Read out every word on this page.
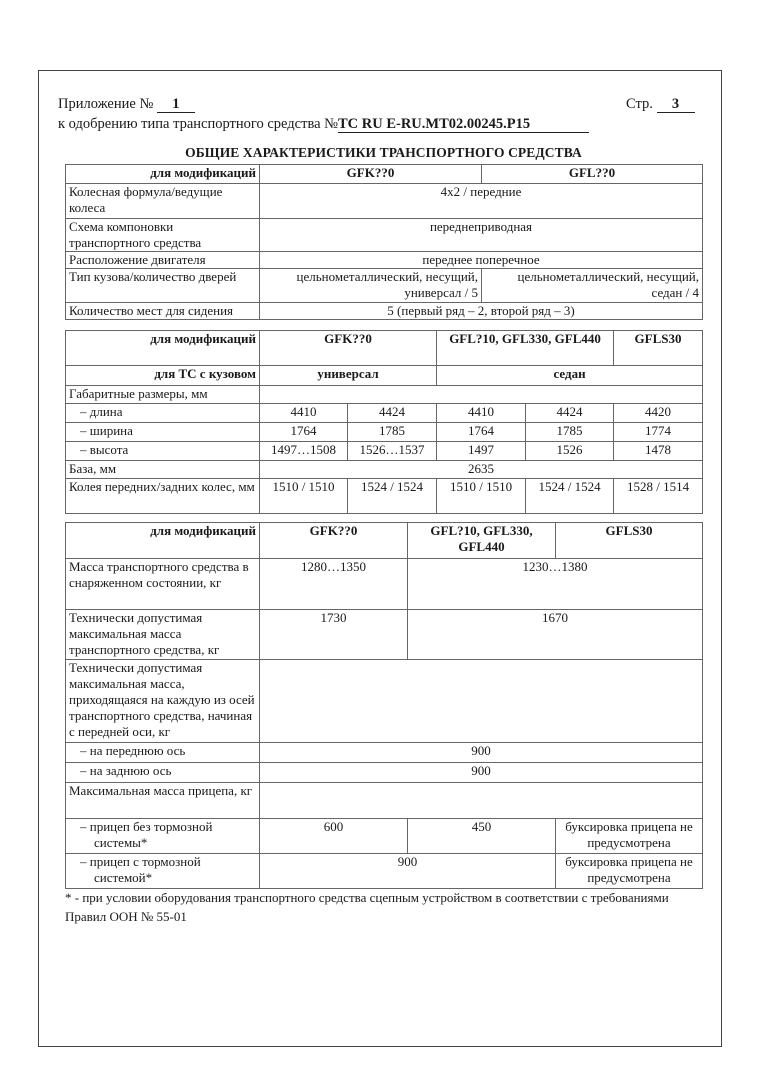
Приложение № 1	Стр. 3
к одобрению типа транспортного средства №ТС RU E-RU.MT02.00245.P15
ОБЩИЕ ХАРАКТЕРИСТИКИ ТРАНСПОРТНОГО СРЕДСТВА
для модификаций	GFK??0	GFL??0
Колесная формула/ведущие колеса	4x2 / передние	
Схема компоновки транспортного средства	переднеприводная	
Расположение двигателя	переднее поперечное	
Тип кузова/количество дверей	цельнометаллический, несущий, универсал / 5	цельнометаллический, несущий, седан / 4
Количество мест для сидения	5 (первый ряд – 2, второй ряд – 3)	
для модификаций	GFK??0		GFL?10, GFL330, GFL440		GFLS30
для ТС с кузовом	универсал		седан		
Габаритные размеры, мм					
– длина	4410	4424	4410	4424	4420
– ширина	1764	1785	1764	1785	1774
– высота	1497…1508	1526…1537	1497	1526	1478
База, мм	2635				
Колея передних/задних колес, мм	1510 / 1510	1524 / 1524	1510 / 1510	1524 / 1524	1528 / 1514
для модификаций	GFK??0	GFL?10, GFL330, GFL440	GFLS30
Масса транспортного средства в снаряженном состоянии, кг	1280…1350	1230…1380	
Технически допустимая максимальная масса транспортного средства, кг	1730	1670	
Технически допустимая максимальная масса, приходящаяся на каждую из осей транспортного средства, начиная с передней оси, кг			
– на переднюю ось	900		
– на заднюю ось	900		
Максимальная масса прицепа, кг			

– прицеп без тормозной системы*	600	450	буксировка прицепа не предусмотрена

– прицеп с тормозной системой*	900		буксировка прицепа не предусмотрена
* - при условии оборудования транспортного средства сцепным устройством в соответствии с требованиями Правил ООН № 55-01
